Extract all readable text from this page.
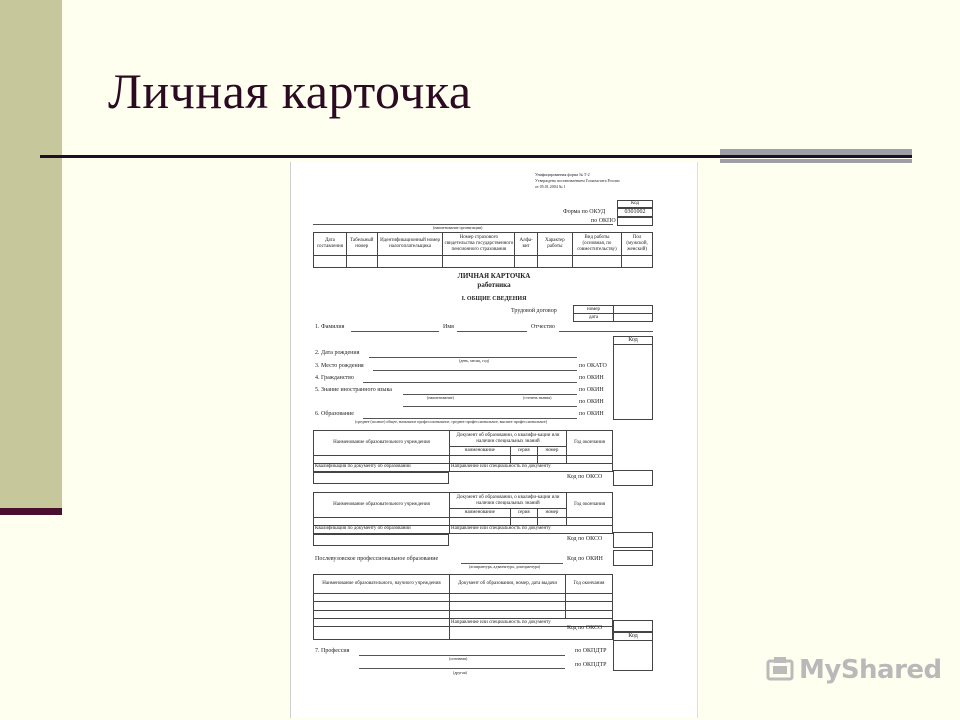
Личная карточка
Унифицированная форма № Т-2
Утверждена постановлением Госкомстата России
от 05.01.2004 № 1
Код
Форма по ОКУД	0301002
по ОКПО
(наименование организации)
Дата составления	Табельный номер	Идентификационный номер налогоплательщика	Номер страхового свидетельства государственного пенсионного страхования	Алфа-вит	Характер работы	Вид работы (основная, по совместительству)	Пол (мужской, женский)

ЛИЧНАЯ КАРТОЧКА
работника
I. ОБЩИЕ СВЕДЕНИЯ
Трудовой договор	номер	
дата	
1. Фамилия	Имя	Отчество
Код
2. Дата рождения
(день, месяц, год)
3. Место рождения	по ОКАТО
4. Гражданство	по ОКИН
5. Знание иностранного языка	по ОКИН
(наименование)	(степень знания)
по ОКИН
6. Образование	по ОКИН
(среднее (полное) общее, начальное профессиональное, среднее профессиональное, высшее профессиональное)
Наименование образовательного учреждения	Документ об образовании, о квалифи-кации или наличии специальных знаний			Год окончания
	наименование	серия	номер	

Квалификация по документу об образовании	Направление или специальность по документу			
Код по ОКСО
Наименование образовательного учреждения	Документ об образовании, о квалифи-кации или наличии специальных знаний			Год окончания
	наименование	серия	номер	

Квалификация по документу об образовании	Направление или специальность по документу			
Код по ОКСО
Послевузовское профессиональное образование
(аспирантура, адъюнктура, докторантура)
Код по ОКИН
Наименование образовательного, научного учреждения	Документ об образовании, номер, дата выдачи	Год окончания

	Направление или специальность по документу	

Код по ОКСО
Код
7. Профессия	по ОКПДТР
(основная)
по ОКПДТР
(другая)	MyShared
